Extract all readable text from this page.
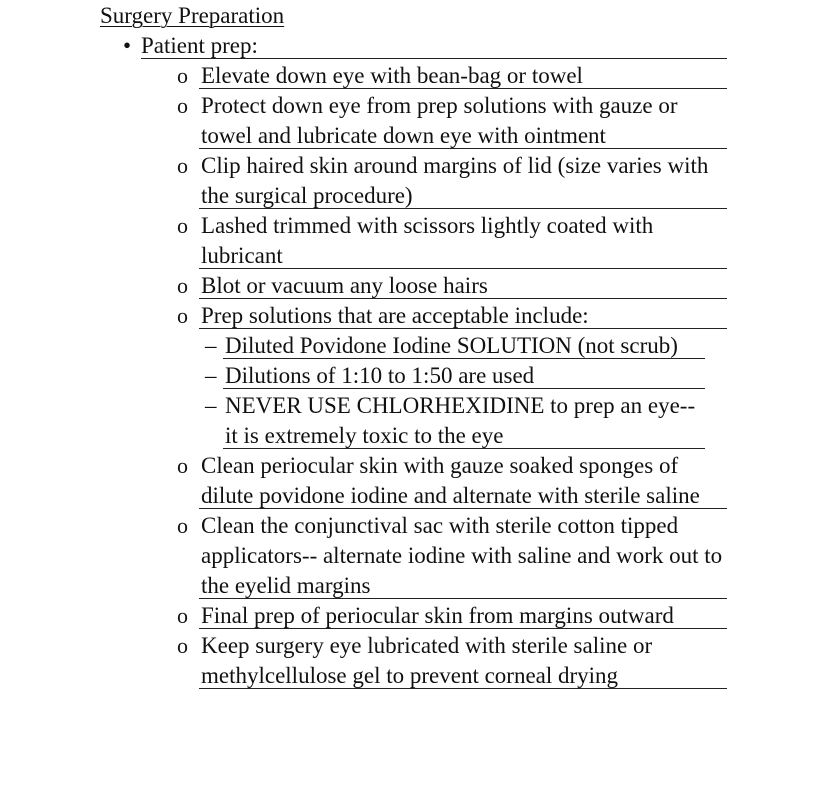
Surgery Preparation
• Patient prep:
o Elevate down eye with bean-bag or towel
o Protect down eye from prep solutions with gauze or towel and lubricate down eye with ointment
o Clip haired skin around margins of lid (size varies with the surgical procedure)
o Lashed trimmed with scissors lightly coated with lubricant
o Blot or vacuum any loose hairs
o Prep solutions that are acceptable include:
– Diluted Povidone Iodine SOLUTION (not scrub)
– Dilutions of 1:10 to 1:50 are used
– NEVER USE CHLORHEXIDINE to prep an eye-- it is extremely toxic to the eye
o Clean periocular skin with gauze soaked sponges of dilute povidone iodine and alternate with sterile saline
o Clean the conjunctival sac with sterile cotton tipped applicators-- alternate iodine with saline and work out to the eyelid margins
o Final prep of periocular skin from margins outward
o Keep surgery eye lubricated with sterile saline or methylcellulose gel to prevent corneal drying
